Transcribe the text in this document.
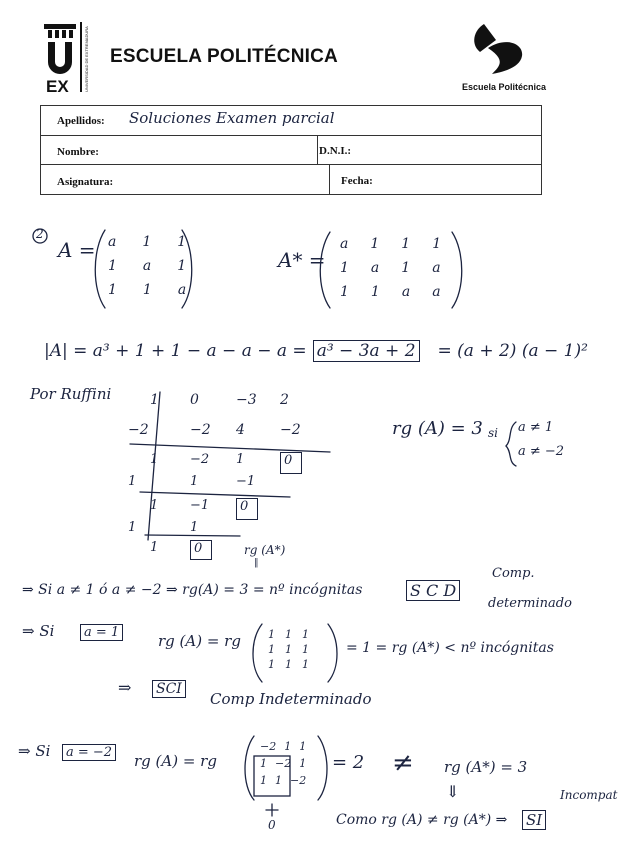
EX	UNIVERSIDAD DE EXTREMADURA ESCUELA POLITÉCNICA
Escuela Politécnica
Apellidos: Soluciones Examen parcial
Nombre:	D.N.I.:
Asignatura:	Fecha:
2
A = a 1 1
1 a 1
1 1 a
A* =
a 1 1 1
1 a 1 a
1 1 a a
|A| = a³ + 1 + 1 − a − a − a = a³ − 3a + 2 = (a + 2) (a − 1)²
Por Ruffini	1	0	−3	2
−2	−2	4	−2
1	−2	1	0
1	1	−1
1	−1	0
1	1
1	0
rg (A) = 3 si a ≠ 1
a ≠ −2
rg (A*)
‖
⇒ Si a ≠ 1 ó a ≠ −2 ⇒ rg(A) = 3 = nº incógnitas	S C D
Comp.
determinado
⇒ Si	a = 1	rg (A) = rg 1 1 1
1 1 1
1 1 1
= 1 = rg (A*) < nº incógnitas
⇒ SCI
Comp Indeterminado
⇒ Si	a = −2 rg (A) = rg
−2 1 1
1 −2 1
1 1 −2
0
= 2 ≠ rg (A*) = 3
⇓
Como rg (A) ≠ rg (A*) ⇒ SI
Incompat
